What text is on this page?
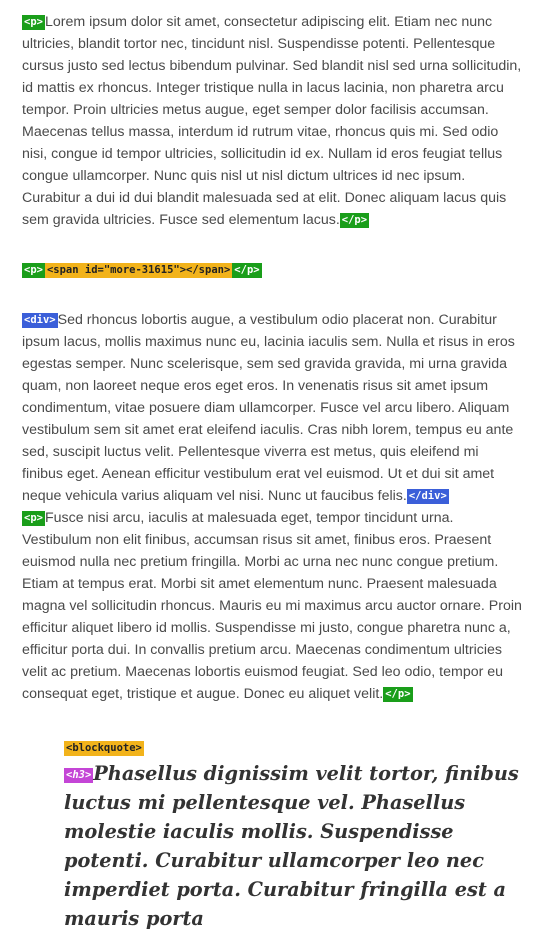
<p> Lorem ipsum dolor sit amet, consectetur adipiscing elit. Etiam nec nunc ultricies, blandit tortor nec, tincidunt nisl. Suspendisse potenti. Pellentesque cursus justo sed lectus bibendum pulvinar. Sed blandit nisl sed urna sollicitudin, id mattis ex rhoncus. Integer tristique nulla in lacus lacinia, non pharetra arcu tempor. Proin ultricies metus augue, eget semper dolor facilisis accumsan. Maecenas tellus massa, interdum id rutrum vitae, rhoncus quis mi. Sed odio nisi, congue id tempor ultricies, sollicitudin id ex. Nullam id eros feugiat tellus congue ullamcorper. Nunc quis nisl ut nisl dictum ultrices id nec ipsum. Curabitur a dui id dui blandit malesuada sed at elit. Donec aliquam lacus quis sem gravida ultricies. Fusce sed elementum lacus. </p>

<p> <span id="more-31615"></span> </p>

<div> Sed rhoncus lobortis augue, a vestibulum odio placerat non. Curabitur ipsum lacus, mollis maximus nunc eu, lacinia iaculis sem. Nulla et risus in eros egestas semper. Nunc scelerisque, sem sed gravida gravida, mi urna gravida quam, non laoreet neque eros eget eros. In venenatis risus sit amet ipsum condimentum, vitae posuere diam ullamcorper. Fusce vel arcu libero. Aliquam vestibulum sem sit amet erat eleifend iaculis. Cras nibh lorem, tempus eu ante sed, suscipit luctus velit. Pellentesque viverra est metus, quis eleifend mi finibus eget. Aenean efficitur vestibulum erat vel euismod. Ut et dui sit amet neque vehicula varius aliquam vel nisi. Nunc ut faucibus felis. </div>

<p> Fusce nisi arcu, iaculis at malesuada eget, tempor tincidunt urna. Vestibulum non elit finibus, accumsan risus sit amet, finibus eros. Praesent euismod nulla nec pretium fringilla. Morbi ac urna nec nunc congue pretium. Etiam at tempus erat. Morbi sit amet elementum nunc. Praesent malesuada magna vel sollicitudin rhoncus. Mauris eu mi maximus arcu auctor ornare. Proin efficitur aliquet libero id mollis. Suspendisse mi justo, congue pharetra nunc a, efficitur porta dui. In convallis pretium arcu. Maecenas condimentum ultricies velit ac pretium. Maecenas lobortis euismod feugiat. Sed leo odio, tempor eu consequat eget, tristique et augue. Donec eu aliquet velit. </p>

<blockquote>
<h3> Phasellus dignissim velit tortor, finibus luctus mi pellentesque vel. Phasellus molestie iaculis mollis. Suspendisse potenti. Curabitur ullamcorper leo nec imperdiet porta. Curabitur fringilla est a mauris porta
